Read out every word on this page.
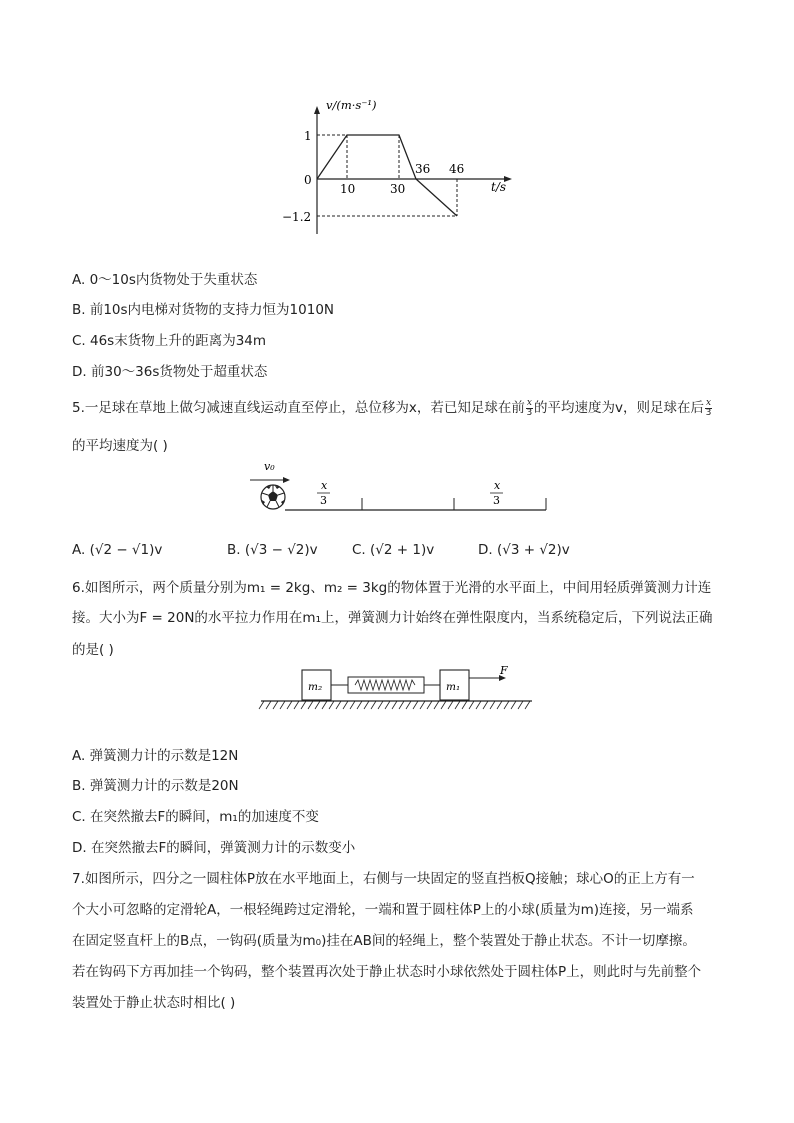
v/(m·s⁻¹)
0
1
−1.2
10	30
36 46
t/s
A. 0～10s内货物处于失重状态
B. 前10s内电梯对货物的支持力恒为1010N
C. 46s末货物上升的距离为34m
D. 前30～36s货物处于超重状态
5.一足球在草地上做匀减速直线运动直至停止，总位移为x，若已知足球在前 $\frac{x}{3}$ 的平均速度为v，则足球在后 $\frac{x}{3}$
的平均速度为( )
v₀
x
3
x
3
A. (√2 − √1)v	B. (√3 − √2)v	C. (√2 + 1)v	D. (√3 + √2)v
6.如图所示，两个质量分别为m₁ = 2kg、m₂ = 3kg的物体置于光滑的水平面上，中间用轻质弹簧测力计连
接。大小为F = 20N的水平拉力作用在m₁上，弹簧测力计始终在弹性限度内，当系统稳定后，下列说法正确
的是( )
m₂	m₁
F
A. 弹簧测力计的示数是12N
B. 弹簧测力计的示数是20N
C. 在突然撤去F的瞬间，m₁的加速度不变
D. 在突然撤去F的瞬间，弹簧测力计的示数变小
7.如图所示，四分之一圆柱体P放在水平地面上，右侧与一块固定的竖直挡板Q接触；球心O的正上方有一
个大小可忽略的定滑轮A，一根轻绳跨过定滑轮，一端和置于圆柱体P上的小球(质量为m)连接，另一端系
在固定竖直杆上的B点，一钩码(质量为m₀)挂在AB间的轻绳上，整个装置处于静止状态。不计一切摩擦。
若在钩码下方再加挂一个钩码，整个装置再次处于静止状态时小球依然处于圆柱体P上，则此时与先前整个
装置处于静止状态时相比( )
